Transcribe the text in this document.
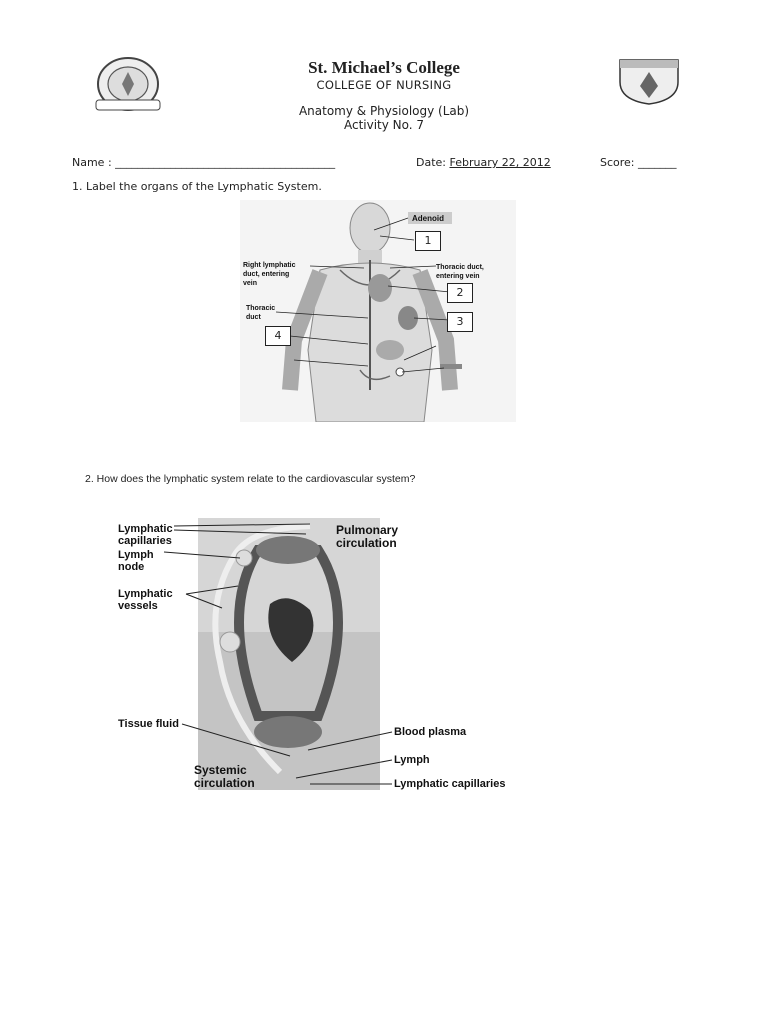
St. Michael’s College
COLLEGE OF NURSING
Anatomy & Physiology (Lab)
Activity No. 7
Name : ________________________________________	Date: February 22, 2012	Score: _______
1. Label the organs of the Lymphatic System.
Adenoid
Right lymphatic
duct, entering
vein
Thoracic
duct
Thoracic duct,
entering vein
1
2
3
4
2. How does the lymphatic system relate to the cardiovascular system?
Lymphatic
capillaries
Lymph
node
Lymphatic
vessels
Pulmonary
circulation
Tissue fluid
Systemic
circulation
Blood plasma
Lymph
Lymphatic capillaries
